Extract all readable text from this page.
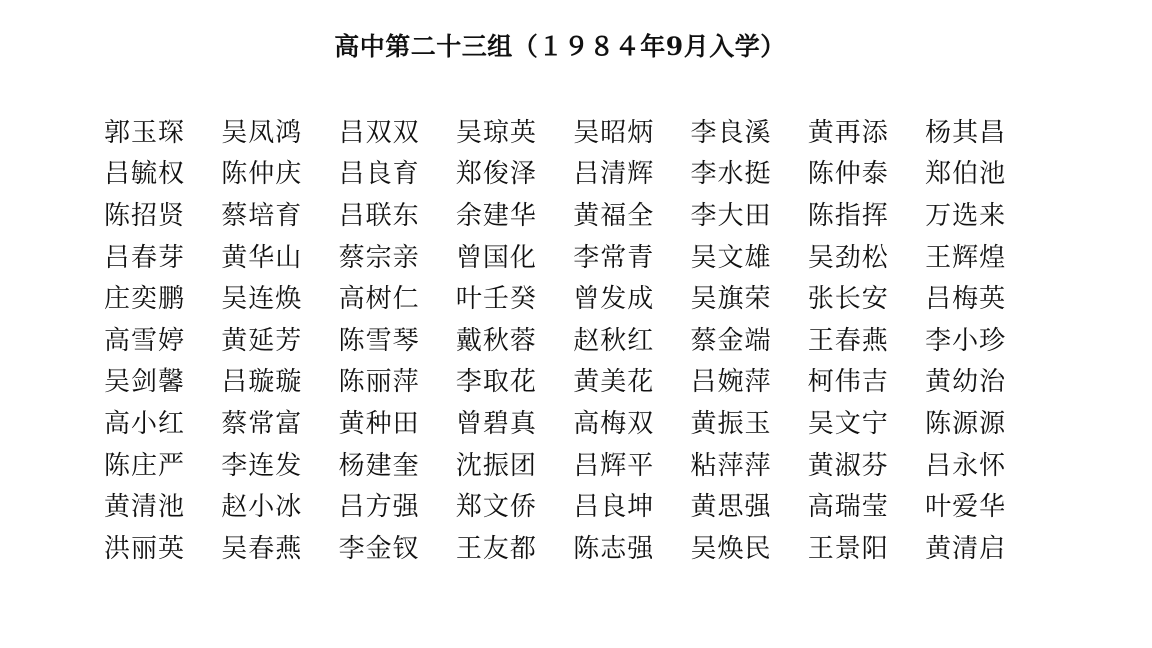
高中第二十三组（１９８４年9月入学）
郭玉琛	吴凤鸿	吕双双	吴琼英	吴昭炳	李良溪	黄再添	杨其昌
吕毓权	陈仲庆	吕良育	郑俊泽	吕清辉	李水挺	陈仲泰	郑伯池
陈招贤	蔡培育	吕联东	余建华	黄福全	李大田	陈指挥	万选来
吕春芽	黄华山	蔡宗亲	曾国化	李常青	吴文雄	吴劲松	王辉煌
庄奕鹏	吴连焕	高树仁	叶壬癸	曾发成	吴旗荣	张长安	吕梅英
高雪婷	黄延芳	陈雪琴	戴秋蓉	赵秋红	蔡金端	王春燕	李小珍
吴剑馨	吕璇璇	陈丽萍	李取花	黄美花	吕婉萍	柯伟吉	黄幼治
高小红	蔡常富	黄种田	曾碧真	高梅双	黄振玉	吴文宁	陈源源
陈庄严	李连发	杨建奎	沈振团	吕辉平	粘萍萍	黄淑芬	吕永怀
黄清池	赵小冰	吕方强	郑文侨	吕良坤	黄思强	高瑞莹	叶爱华
洪丽英	吴春燕	李金钗	王友都	陈志强	吴焕民	王景阳	黄清启
